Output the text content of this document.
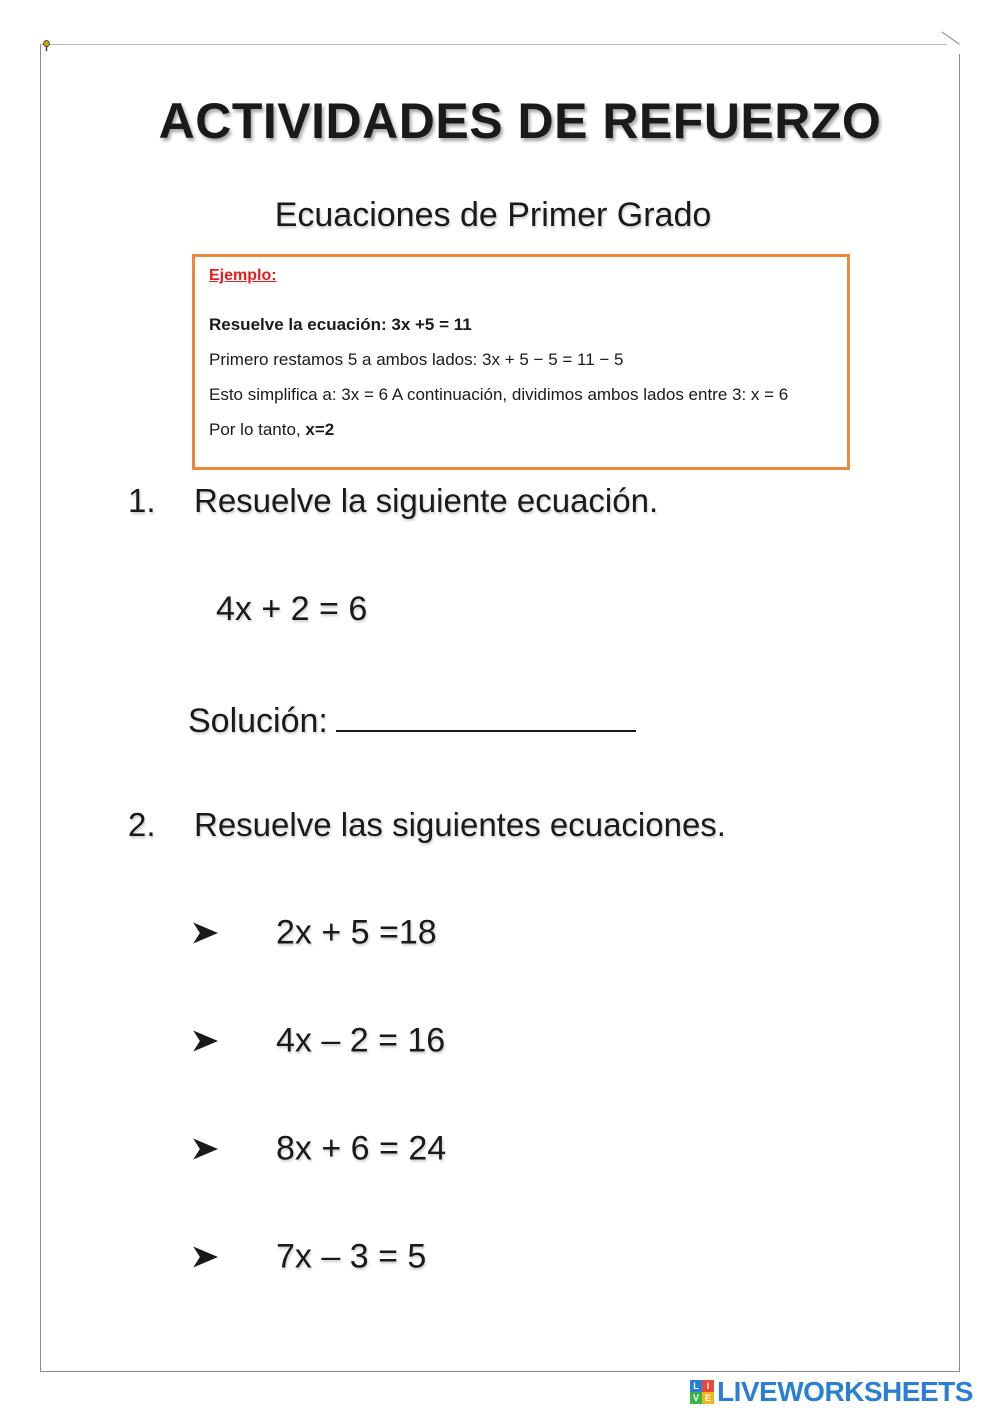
ACTIVIDADES DE REFUERZO
Ecuaciones de Primer Grado

Ejemplo:

Resuelve la ecuación: 3x +5 = 11

Primero restamos 5 a ambos lados: 3x + 5 − 5 = 11 − 5

Esto simplifica a: 3x = 6 A continuación, dividimos ambos lados entre 3: x = 6

Por lo tanto, x=2

1. Resuelve la siguiente ecuación.
4x + 2 = 6
Solución:
2. Resuelve las siguientes ecuaciones.
2x + 5 =18
4x – 2 = 16
8x + 6 = 24
7x – 3 = 5
L I
V E LIVEWORKSHEETS
